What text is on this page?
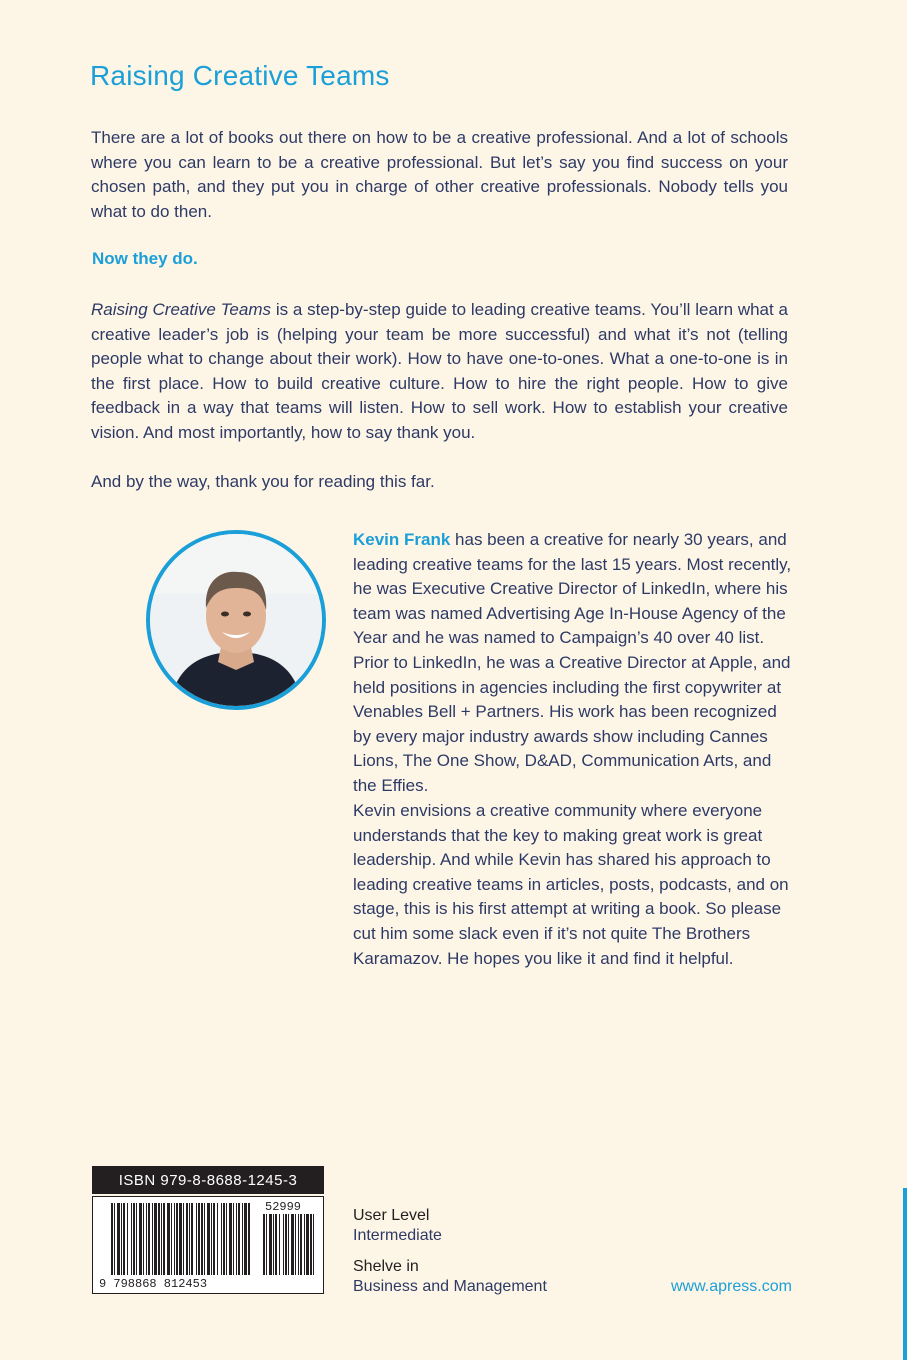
Raising Creative Teams

There are a lot of books out there on how to be a creative professional. And a lot of schools where you can learn to be a creative professional. But let’s say you find success on your chosen path, and they put you in charge of other creative professionals. Nobody tells you what to do then.

Now they do.

Raising Creative Teams is a step-by-step guide to leading creative teams. You’ll learn what a creative leader’s job is (helping your team be more successful) and what it’s not (telling people what to change about their work). How to have one-to-ones. What a one-to-one is in the first place. How to build creative culture. How to hire the right people. How to give feedback in a way that teams will listen. How to sell work. How to establish your creative vision. And most importantly, how to say thank you.

And by the way, thank you for reading this far.

Kevin Frank has been a creative for nearly 30 years, and leading creative teams for the last 15 years. Most recently, he was Executive Creative Director of LinkedIn, where his team was named Advertising Age In-House Agency of the Year and he was named to Campaign’s 40 over 40 list. Prior to LinkedIn, he was a Creative Director at Apple, and held positions in agencies including the first copywriter at Venables Bell + Partners. His work has been recognized by every major industry awards show including Cannes Lions, The One Show, D&AD, Communication Arts, and the Effies.

Kevin envisions a creative community where everyone understands that the key to making great work is great leadership. And while Kevin has shared his approach to leading creative teams in articles, posts, podcasts, and on stage, this is his first attempt at writing a book. So please cut him some slack even if it’s not quite The Brothers Karamazov. He hopes you like it and find it helpful.

ISBN 979-8-8688-1245-3
9 798868 812453
52999	User Level
Intermediate
Shelve in
Business and Management	www.apress.com
